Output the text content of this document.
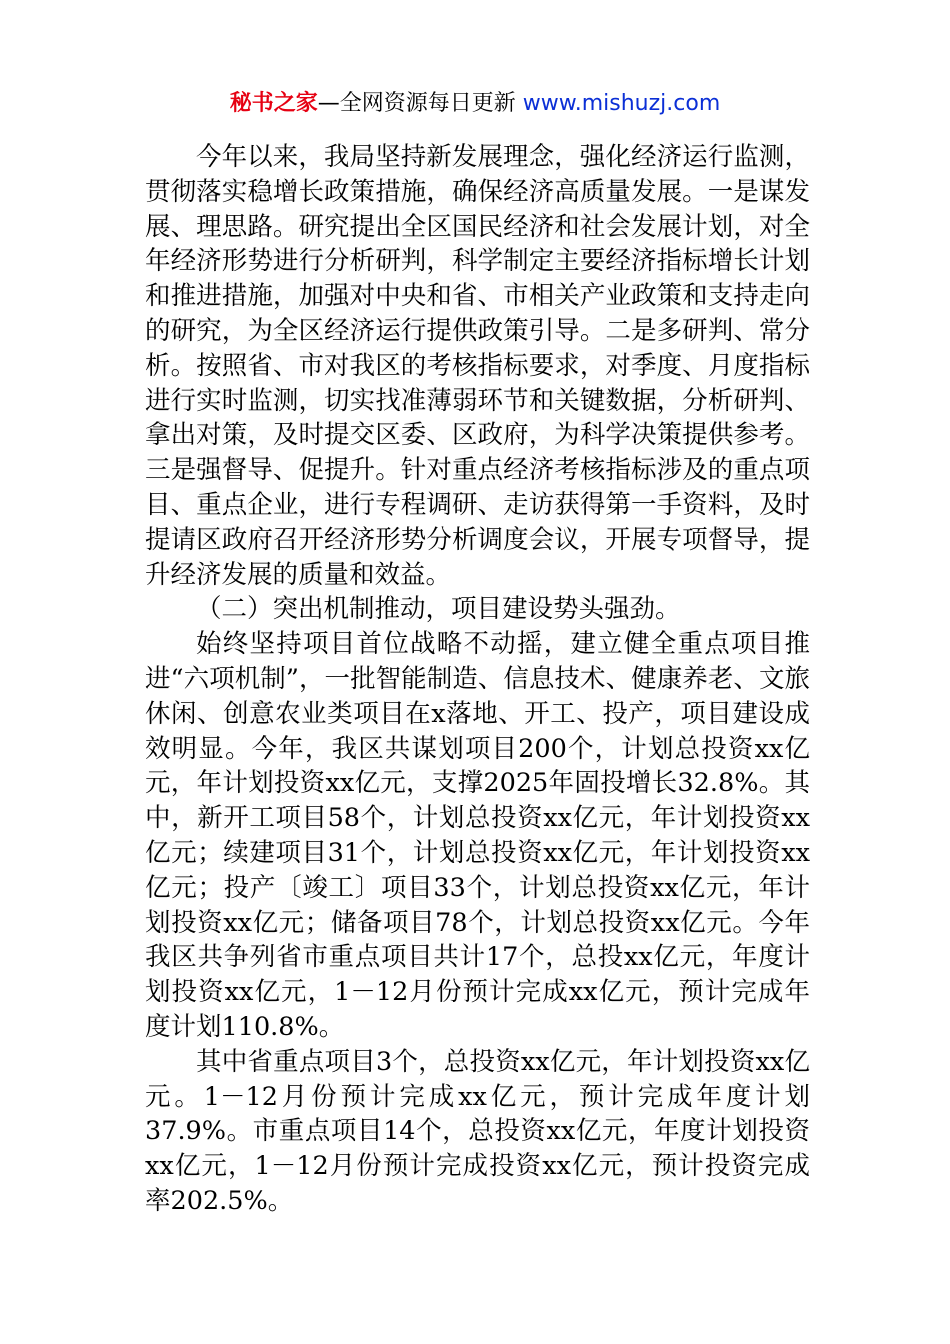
秘书之家—全网资源每日更新 www.mishuzj.com

今年以来，我局坚持新发展理念，强化经济运行监测，贯彻落实稳增长政策措施，确保经济高质量发展。一是谋发展、理思路。研究提出全区国民经济和社会发展计划，对全年经济形势进行分析研判，科学制定主要经济指标增长计划和推进措施，加强对中央和省、市相关产业政策和支持走向的研究，为全区经济运行提供政策引导。二是多研判、常分析。按照省、市对我区的考核指标要求，对季度、月度指标进行实时监测，切实找准薄弱环节和关键数据，分析研判、拿出对策，及时提交区委、区政府，为科学决策提供参考。三是强督导、促提升。针对重点经济考核指标涉及的重点项目、重点企业，进行专程调研、走访获得第一手资料，及时提请区政府召开经济形势分析调度会议，开展专项督导，提升经济发展的质量和效益。

（二）突出机制推动，项目建设势头强劲。

始终坚持项目首位战略不动摇，建立健全重点项目推进“六项机制”，一批智能制造、信息技术、健康养老、文旅休闲、创意农业类项目在x落地、开工、投产，项目建设成效明显。今年，我区共谋划项目200个，计划总投资xx亿元，年计划投资xx亿元，支撑2025年固投增长32.8%。其中，新开工项目58个，计划总投资xx亿元，年计划投资xx亿元；续建项目31个，计划总投资xx亿元，年计划投资xx亿元；投产〔竣工〕项目33个，计划总投资xx亿元，年计划投资xx亿元；储备项目78个，计划总投资xx亿元。今年我区共争列省市重点项目共计17个，总投xx亿元，年度计划投资xx亿元，1－12月份预计完成xx亿元，预计完成年度计划110.8%。

其中省重点项目3个，总投资xx亿元，年计划投资xx亿元。1－12月份预计完成xx亿元，预计完成年度计划37.9%。市重点项目14个，总投资xx亿元，年度计划投资xx亿元，1－12月份预计完成投资xx亿元，预计投资完成率202.5%。
